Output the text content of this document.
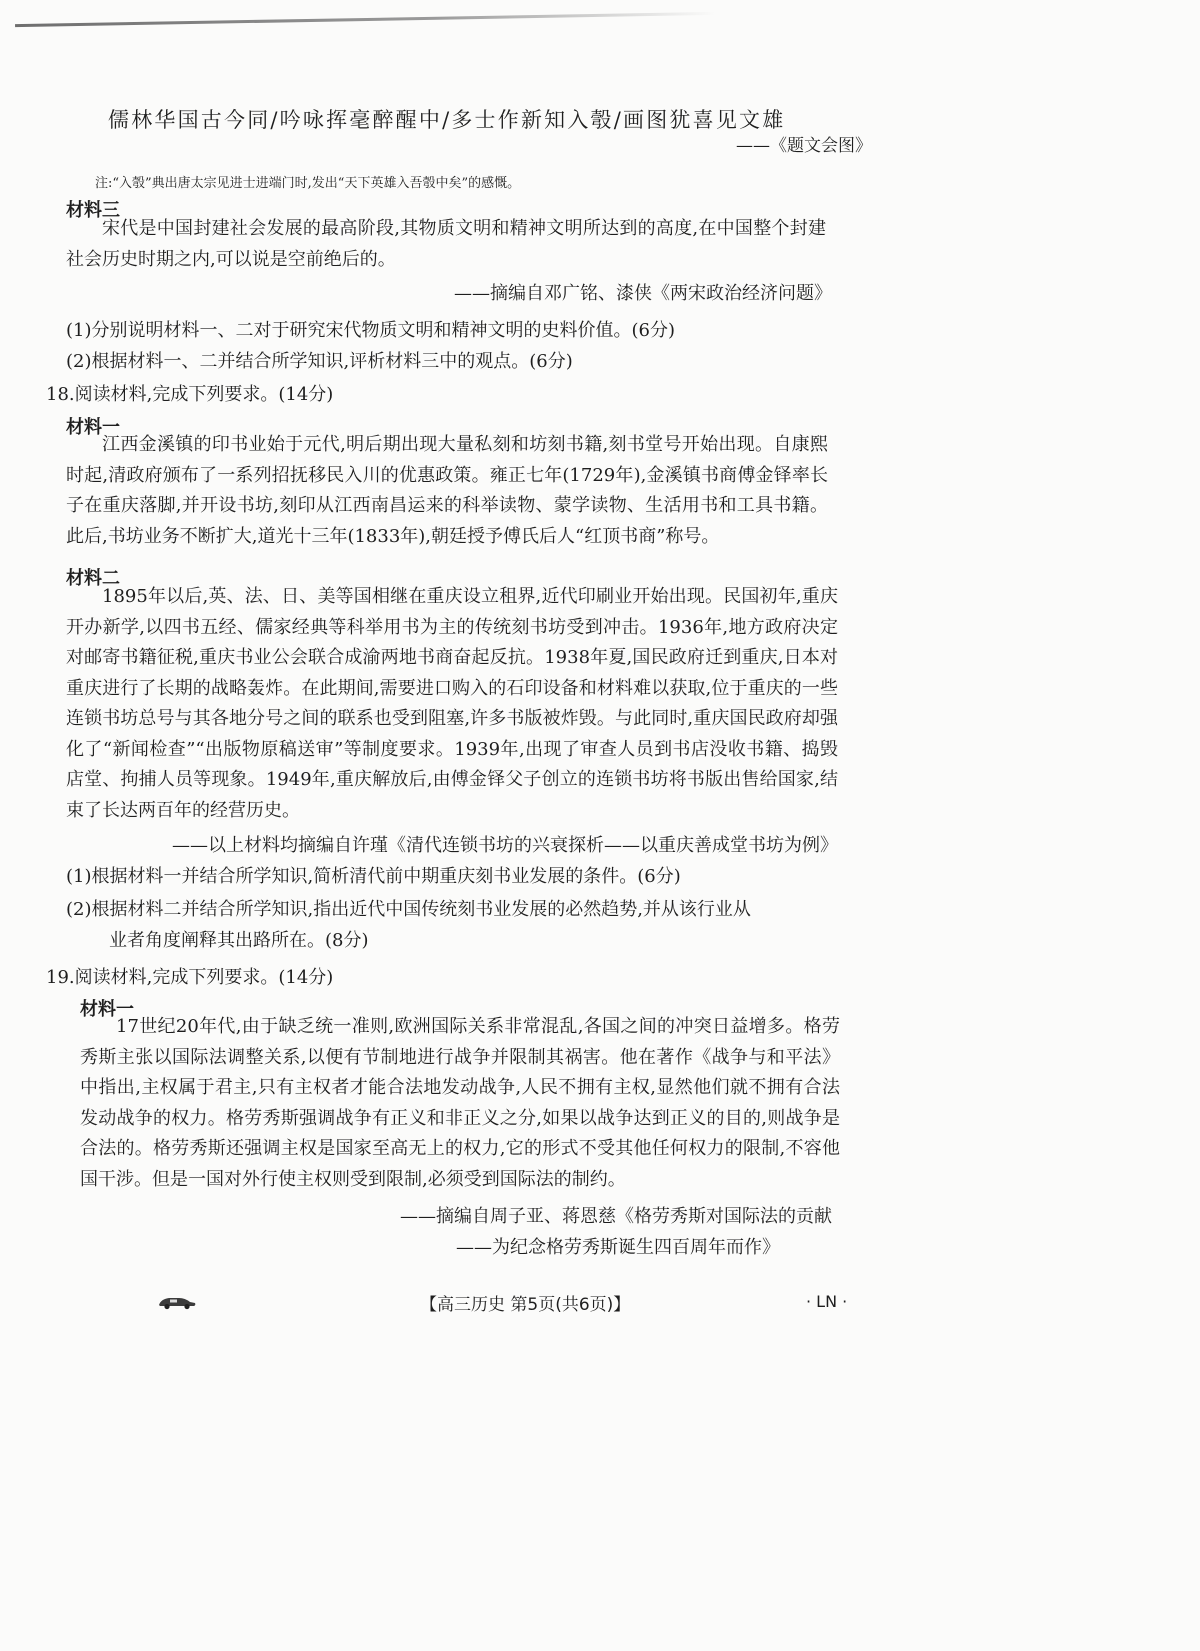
儒林华国古今同/吟咏挥毫醉醒中/多士作新知入彀/画图犹喜见文雄
——《题文会图》
注:“入彀”典出唐太宗见进士进端门时,发出“天下英雄入吾彀中矣”的感慨。
材料三
宋代是中国封建社会发展的最高阶段,其物质文明和精神文明所达到的高度,在中国整个封建社会历史时期之内,可以说是空前绝后的。
——摘编自邓广铭、漆侠《两宋政治经济问题》
(1)分别说明材料一、二对于研究宋代物质文明和精神文明的史料价值。(6分)
(2)根据材料一、二并结合所学知识,评析材料三中的观点。(6分)
18.阅读材料,完成下列要求。(14分)
材料一
江西金溪镇的印书业始于元代,明后期出现大量私刻和坊刻书籍,刻书堂号开始出现。自康熙时起,清政府颁布了一系列招抚移民入川的优惠政策。雍正七年(1729年),金溪镇书商傅金铎率长子在重庆落脚,并开设书坊,刻印从江西南昌运来的科举读物、蒙学读物、生活用书和工具书籍。此后,书坊业务不断扩大,道光十三年(1833年),朝廷授予傅氏后人“红顶书商”称号。
材料二
1895年以后,英、法、日、美等国相继在重庆设立租界,近代印刷业开始出现。民国初年,重庆开办新学,以四书五经、儒家经典等科举用书为主的传统刻书坊受到冲击。1936年,地方政府决定对邮寄书籍征税,重庆书业公会联合成渝两地书商奋起反抗。1938年夏,国民政府迁到重庆,日本对重庆进行了长期的战略轰炸。在此期间,需要进口购入的石印设备和材料难以获取,位于重庆的一些连锁书坊总号与其各地分号之间的联系也受到阻塞,许多书版被炸毁。与此同时,重庆国民政府却强化了“新闻检查”“出版物原稿送审”等制度要求。1939年,出现了审查人员到书店没收书籍、捣毁店堂、拘捕人员等现象。1949年,重庆解放后,由傅金铎父子创立的连锁书坊将书版出售给国家,结束了长达两百年的经营历史。
——以上材料均摘编自许瑾《清代连锁书坊的兴衰探析——以重庆善成堂书坊为例》
(1)根据材料一并结合所学知识,简析清代前中期重庆刻书业发展的条件。(6分)
(2)根据材料二并结合所学知识,指出近代中国传统刻书业发展的必然趋势,并从该行业从
业者角度阐释其出路所在。(8分)
19.阅读材料,完成下列要求。(14分)
材料一
17世纪20年代,由于缺乏统一准则,欧洲国际关系非常混乱,各国之间的冲突日益增多。格劳秀斯主张以国际法调整关系,以便有节制地进行战争并限制其祸害。他在著作《战争与和平法》中指出,主权属于君主,只有主权者才能合法地发动战争,人民不拥有主权,显然他们就不拥有合法发动战争的权力。格劳秀斯强调战争有正义和非正义之分,如果以战争达到正义的目的,则战争是合法的。格劳秀斯还强调主权是国家至高无上的权力,它的形式不受其他任何权力的限制,不容他国干涉。但是一国对外行使主权则受到限制,必须受到国际法的制约。
——摘编自周子亚、蒋恩慈《格劳秀斯对国际法的贡献
——为纪念格劳秀斯诞生四百周年而作》
【高三历史 第5页(共6页)】	· LN ·
